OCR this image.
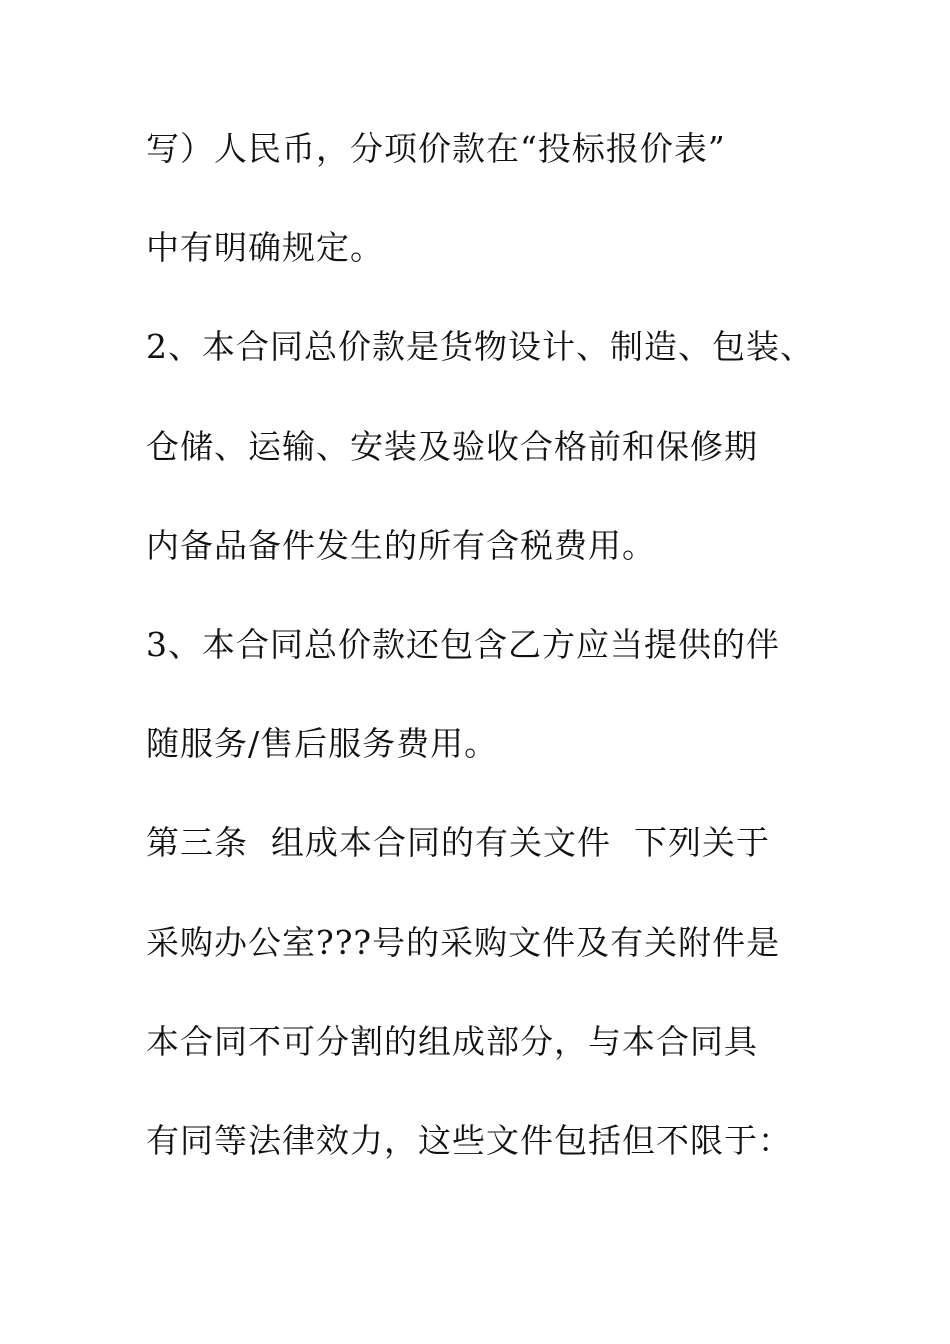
写）人民币，分项价款在“投标报价表”
中有明确规定。
2、本合同总价款是货物设计、制造、包装、
仓储、运输、安装及验收合格前和保修期
内备品备件发生的所有含税费用。
3、本合同总价款还包含乙方应当提供的伴
随服务/售后服务费用。
第三条  组成本合同的有关文件  下列关于
采购办公室???号的采购文件及有关附件是
本合同不可分割的组成部分，与本合同具
有同等法律效力，这些文件包括但不限于：
